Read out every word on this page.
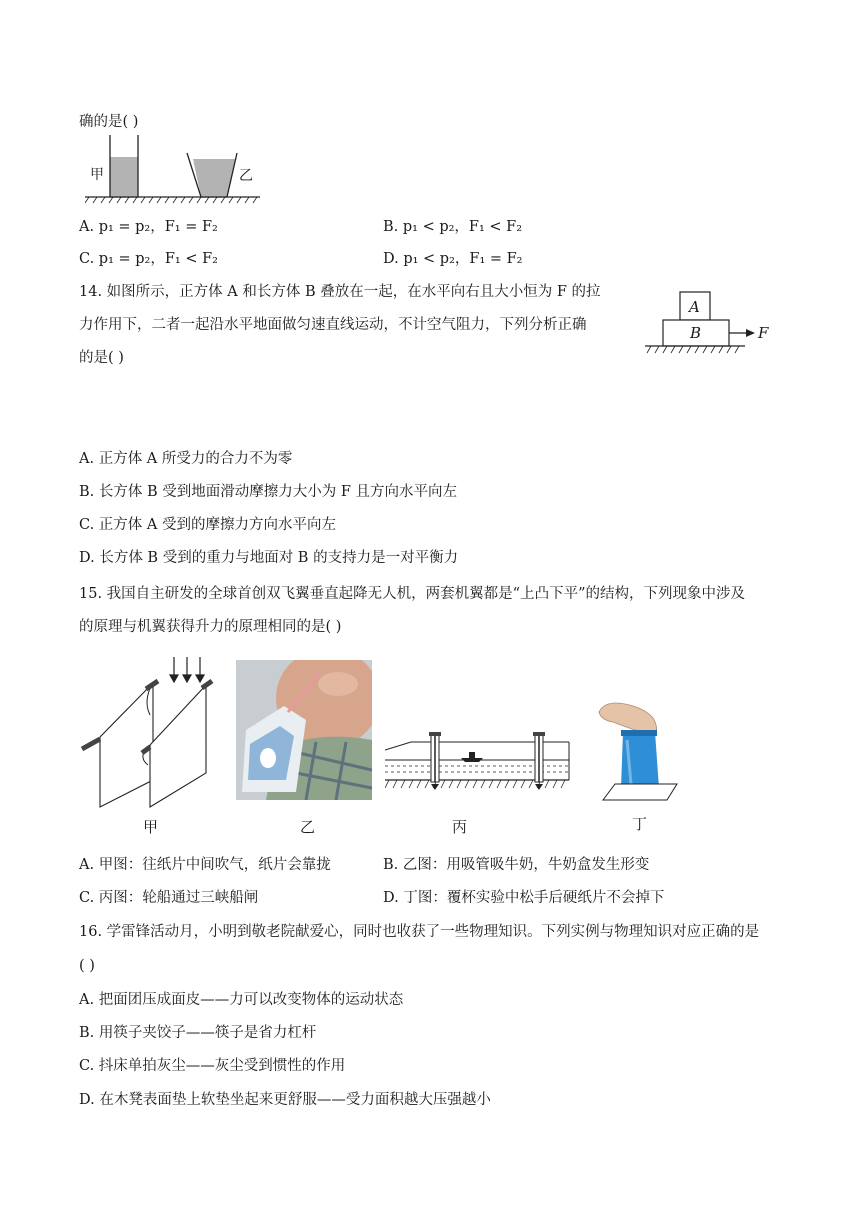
确的是( )
甲	乙
A. p₁ = p₂，F₁ = F₂	B. p₁ < p₂，F₁ < F₂
C. p₁ = p₂，F₁ < F₂	D. p₁ < p₂，F₁ = F₂
14. 如图所示，正方体 A 和长方体 B 叠放在一起，在水平向右且大小恒为 F 的拉
力作用下，二者一起沿水平地面做匀速直线运动，不计空气阻力，下列分析正确
的是( )
A
B	F
A. 正方体 A 所受力的合力不为零
B. 长方体 B 受到地面滑动摩擦力大小为 F 且方向水平向左
C. 正方体 A 受到的摩擦力方向水平向左
D. 长方体 B 受到的重力与地面对 B 的支持力是一对平衡力
15. 我国自主研发的全球首创双飞翼垂直起降无人机，两套机翼都是“上凸下平”的结构，下列现象中涉及
的原理与机翼获得升力的原理相同的是( )
甲	乙	丙	丁
A. 甲图：往纸片中间吹气，纸片会靠拢	B. 乙图：用吸管吸牛奶，牛奶盒发生形变
C. 丙图：轮船通过三峡船闸	D. 丁图：覆杯实验中松手后硬纸片不会掉下
16. 学雷锋活动月，小明到敬老院献爱心，同时也收获了一些物理知识。下列实例与物理知识对应正确的是
( )
A. 把面团压成面皮——力可以改变物体的运动状态
B. 用筷子夹饺子——筷子是省力杠杆
C. 抖床单拍灰尘——灰尘受到惯性的作用
D. 在木凳表面垫上软垫坐起来更舒服——受力面积越大压强越小
